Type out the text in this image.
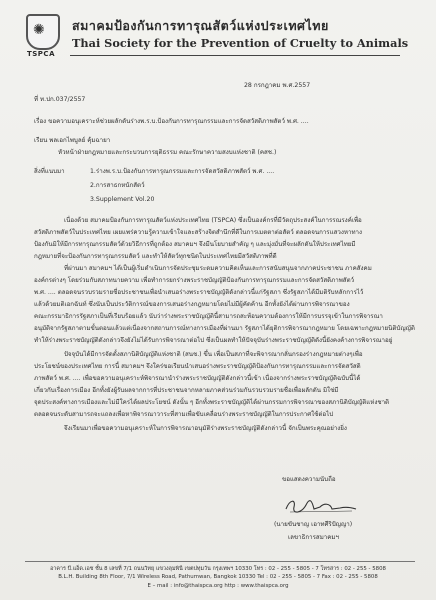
✺
TSPCA
สมาคมป้องกันการทารุณสัตว์แห่งประเทศไทย
Thai Society for the Prevention of Cruelty to Animals
28 กรกฎาคม พ.ศ.2557
ที่ ท.ปก.037/2557
เรื่อง ขอความอนุเคราะห์ช่วยผลักดันร่างพ.ร.บ.ป้องกันการทารุณกรรมและการจัดสวัสดิภาพสัตว์ พ.ศ. ....
เรียน พลเอกไพบูลย์ คุ้มฉายา
หัวหน้าฝ่ายกฎหมายและกระบวนการยุติธรรม คณะรักษาความสงบแห่งชาติ (คสช.)
สิ่งที่แนบมา	1.ร่างพ.ร.บ.ป้องกันการทารุณกรรมและการจัดสวัสดิภาพสัตว์ พ.ศ. ....
2.การสาธกหนักสัตว์
3.Supplement Vol.20
เนื่องด้วย สมาคมป้องกันการทารุณสัตว์แห่งประเทศไทย (TSPCA) ซึ่งเป็นองค์กรที่มีวัตถุประสงค์ในการรณรงค์เพื่อ
สวัสดิภาพสัตว์ในประเทศไทย เผยแพร่ความรู้ความเข้าใจและสร้างจิตสำนึกที่ดีในการเมตตาต่อสัตว์ ตลอดจนการแสวงหาทาง
ป้องกันมิให้มีการทารุณกรรมสัตว์ด้วยวิธีการที่ถูกต้อง สมาคมฯ จึงมีนโยบายสำคัญ ๆ และมุ่งมั่นที่จะผลักดันให้ประเทศไทยมี
กฎหมายที่จะป้องกันการทารุณกรรมสัตว์ และทำให้สัตว์ทุกชนิดในประเทศไทยมีสวัสดิภาพที่ดี
ที่ผ่านมา สมาคมฯ ได้เป็นผู้เริ่มดำเนินการจัดประชุมระดมความคิดเห็นและการสนับสนุนจากภาคประชาชน ภาคสังคม
องค์กรต่างๆ โดยร่วมกับสภาทนายความ เพื่อทำการยกร่างพระราชบัญญัติป้องกันการทารุณกรรมและการจัดสวัสดิภาพสัตว์
พ.ศ. .... ตลอดจนรวบรวมรายชื่อประชาชนเพื่อนำเสนอร่างพระราชบัญญัติดังกล่าวนี้แก่รัฐสภา ซึ่งรัฐสภาได้มีมติรับหลักการไว้
แล้วด้วยมติเอกฉันท์ ซึ่งนับเป็นประวัติการณ์ของการเสนอร่างกฎหมายโดยไม่มีผู้คัดค้าน อีกทั้งยังได้ผ่านการพิจารณาของ
คณะกรรมาธิการรัฐสภาเป็นที่เรียบร้อยแล้ว นับว่าร่างพระราชบัญญัตินี้สามารถสะท้อนความต้องการให้มีการบรรจุเข้าในการพิจารณา
อนุมัติจากรัฐสภาตามขั้นตอนแล้วแต่เนื่องจากสถานการณ์ทางการเมืองที่ผ่านมา รัฐสภาได้ยุติการพิจารณากฎหมาย โดยเฉพาะกฎหมายนิติบัญญัติ
ทำให้ร่างพระราชบัญญัติดังกล่าวจึงยังไม่ได้รับการพิจารณาต่อไป ซึ่งเป็นผลทำให้ปัจจุบันร่างพระราชบัญญัติดังนี้ยังคงค้างการพิจารณาอยู่
ปัจจุบันได้มีการจัดตั้งสภานิติบัญญัติแห่งชาติ (สนช.) ขึ้น เพื่อเป็นสภาที่จะพิจารณากลั่นกรองร่างกฎหมายต่างๆเพื่อ
ประโยชน์ของประเทศไทย การนี้ สมาคมฯ จึงใคร่ขอเรียนนำเสนอร่างพระราชบัญญัติป้องกันการทารุณกรรมและการจัดสวัสดิ
ภาพสัตว์ พ.ศ. .... เพื่อขอความอนุเคราะห์พิจารณานำร่างพระราชบัญญัติดังกล่าวนี้เข้า เนื่องจากร่างพระราชบัญญัติฉบับนี้ได้
เกี่ยวกับเรื่องการเมือง อีกทั้งยังผู้รับผลจากการที่ประชาชนจากหลายภาคส่วนร่วมกันรวบรวมรายชื่อเพื่อผลักดัน มิใช่มี
จุดประสงค์ทางการเมืองและไม่มีใครได้ผลประโยชน์ ดังนั้น ๆ อีกทั้งพระราชบัญญัติได้ผ่านกรรมการพิจารณาของสภานิติบัญญัติแห่งชาติ
ตลอดจนระดับสามารถจะแถลงเพื่อหาพิจารณาวาระที่สามเพื่อขับเคลื่อนร่างพระราชบัญญัติในการประกาศใช้ต่อไป
จึงเรียนมาเพื่อขอความอนุเคราะห์ในการพิจารณาอนุมัติร่างพระราชบัญญัติดังกล่าวนี้ จักเป็นพระคุณอย่างยิ่ง
ขอแสดงความนับถือ
(นายขันชาญ เอาทศีริปัญญา)
เลขาธิการสมาคมฯ
อาคาร บี.แอ็ด.เอช ชั้น 8 เลขที่ 7/1 ถนนวิทยุ แขวงลุมพินี เขตปทุมวัน กรุงเทพฯ 10330 โทร : 02 - 255 - 5805 - 7 โทรสาร : 02 - 255 - 5808
B.L.H. Building 8th Floor, 7/1 Wireless Road, Pathumwan, Bangkok 10330 Tel : 02 - 255 - 5805 - 7 Fax : 02 - 255 - 5808
E – mail : info@thaispca.org http : www.thaispca.org
